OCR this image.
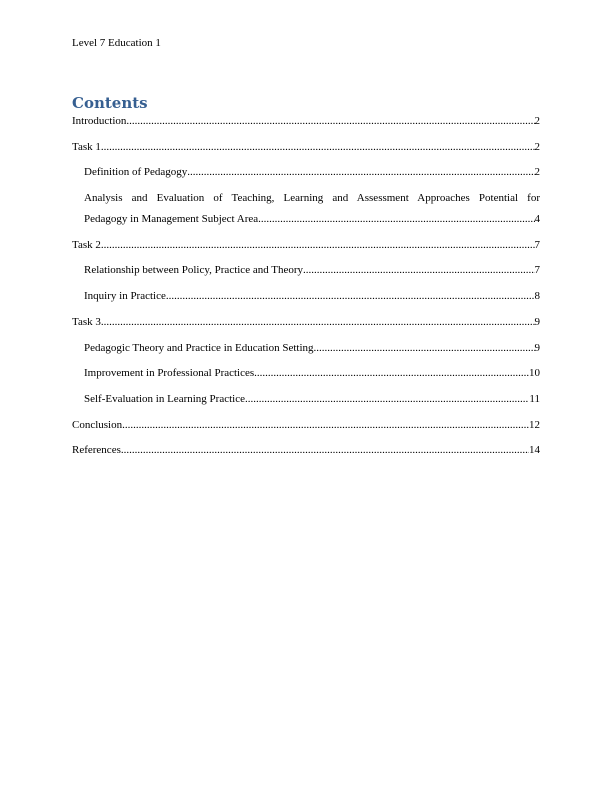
Level 7 Education 1
Contents
Introduction .....	2
Task 1 .....	2
Definition of Pedagogy .....	2
Analysis and Evaluation of Teaching, Learning and Assessment Approaches Potential for
Pedagogy in Management Subject Area .....	4
Task 2 .....	7
Relationship between Policy, Practice and Theory .....	7
Inquiry in Practice .....	8
Task 3 .....	9
Pedagogic Theory and Practice in Education Setting .....	9
Improvement in Professional Practices .....	10
Self-Evaluation in Learning Practice .....	11
Conclusion .....	12
References .....	14
